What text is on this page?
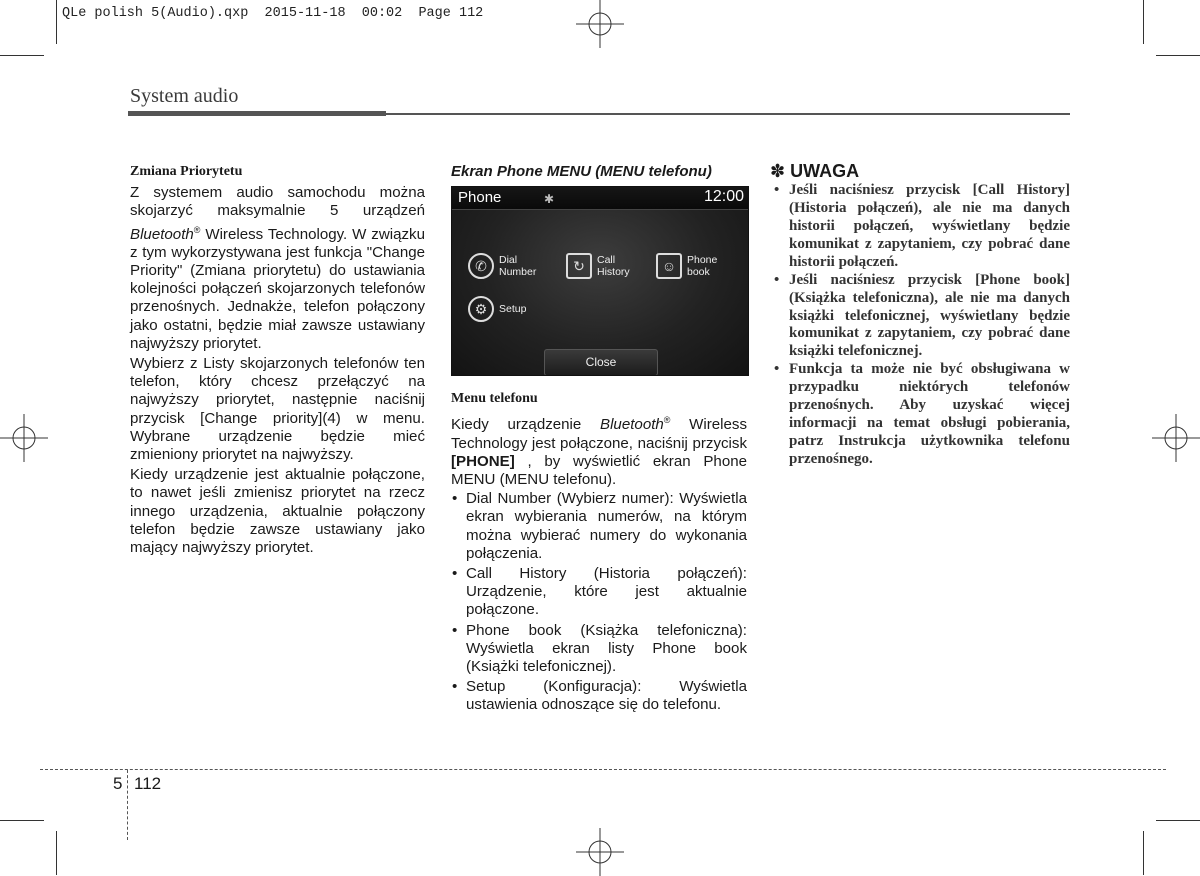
QLe polish 5(Audio).qxp  2015-11-18  00:02  Page 112
System audio
Zmiana Priorytetu

Z systemem audio samochodu można skojarzyć maksymalnie 5 urządzeń Bluetooth® Wireless Technology. W związku z tym wykorzystywana jest funkcja "Change Priority" (Zmiana priorytetu) do ustawiania kolejności połączeń skojarzonych telefonów przenośnych. Jednakże, telefon połączony jako ostatni, będzie miał zawsze ustawiany najwyższy priorytet.

Wybierz z Listy skojarzonych telefonów ten telefon, który chcesz przełączyć na najwyższy priorytet, następnie naciśnij przycisk [Change priority](4) w menu. Wybrane urządzenie będzie mieć zmieniony priorytet na najwyższy.

Kiedy urządzenie jest aktualnie połączone, to nawet jeśli zmienisz priorytet na rzecz innego urządzenia, aktualnie połączony telefon będzie zawsze ustawiany jako mający najwyższy priorytet.

Ekran Phone MENU (MENU telefonu)
Phone	✱	12:00
✆	Dial
Number	↻	Call
History	☺	Phone
book
⚙	Setup
Close
Menu telefonu

Kiedy urządzenie Bluetooth® Wireless Technology jest połączone, naciśnij przycisk [PHONE] , by wyświetlić ekran Phone MENU (MENU telefonu).

• Dial Number (Wybierz numer): Wyświetla ekran wybierania numerów, na którym można wybierać numery do wykonania połączenia.
• Call History (Historia połączeń): Urządzenie, które jest aktualnie połączone.
• Phone book (Książka telefoniczna): Wyświetla ekran listy Phone book (Książki telefonicznej).
• Setup (Konfiguracja): Wyświetla ustawienia odnoszące się do telefonu.
✽ UWAGA
• Jeśli naciśniesz przycisk [Call History] (Historia połączeń), ale nie ma danych historii połączeń, wyświetlany będzie komunikat z zapytaniem, czy pobrać dane historii połączeń.
• Jeśli naciśniesz przycisk [Phone book] (Książka telefoniczna), ale nie ma danych książki telefonicznej, wyświetlany będzie komunikat z zapytaniem, czy pobrać dane książki telefonicznej.
• Funkcja ta może nie być obsługiwana w przypadku niektórych telefonów przenośnych. Aby uzyskać więcej informacji na temat obsługi pobierania, patrz Instrukcja użytkownika telefonu przenośnego.
5 112
